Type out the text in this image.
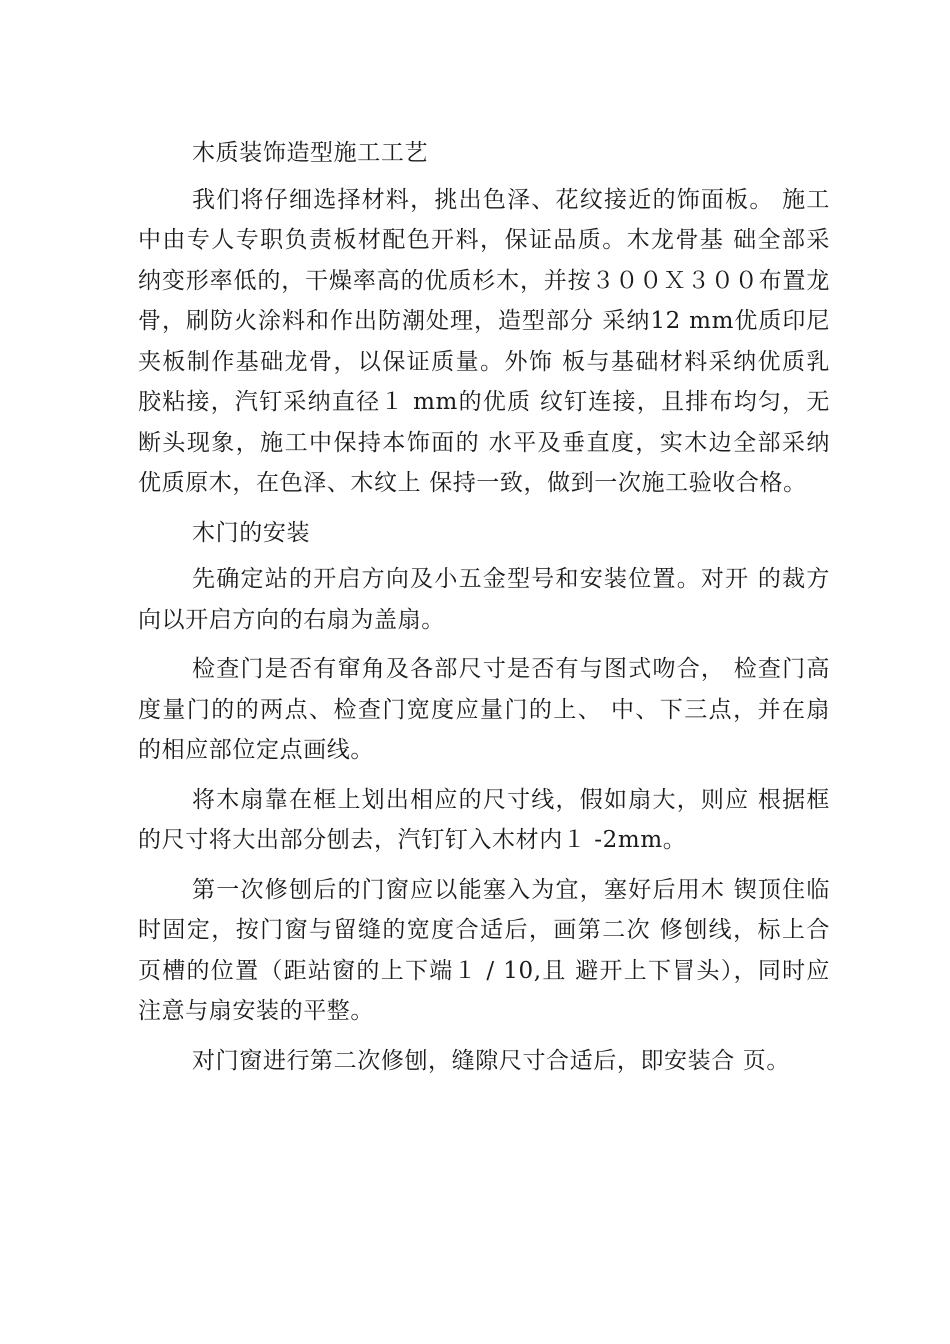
木质装饰造型施工工艺

我们将仔细选择材料，挑出色泽、花纹接近的饰面板。 施工中由专人专职负责板材配色开料，保证品质。木龙骨基 础全部采纳变形率低的，干燥率高的优质杉木，并按３００Ｘ３００布置龙骨，刷防火涂料和作出防潮处理，造型部分 采纳12 mm优质印尼夹板制作基础龙骨，以保证质量。外饰 板与基础材料采纳优质乳胶粘接，汽钉采纳直径１ mm的优质 纹钉连接，且排布均匀，无断头现象，施工中保持本饰面的 水平及垂直度，实木边全部采纳优质原木，在色泽、木纹上 保持一致，做到一次施工验收合格。

木门的安装

先确定站的开启方向及小五金型号和安装位置。对开 的裁方向以开启方向的右扇为盖扇。

检查门是否有窜角及各部尺寸是否有与图式吻合， 检查门高度量门的的两点、检查门宽度应量门的上、 中、下三点，并在扇的相应部位定点画线。

将木扇靠在框上划出相应的尺寸线，假如扇大，则应 根据框的尺寸将大出部分刨去，汽钉钉入木材内１ -2mm。

第一次修刨后的门窗应以能塞入为宜，塞好后用木 锲顶住临时固定，按门窗与留缝的宽度合适后，画第二次 修刨线，标上合页槽的位置（距站窗的上下端１ / 10,且 避开上下冒头），同时应注意与扇安装的平整。

对门窗进行第二次修刨，缝隙尺寸合适后，即安装合 页。
